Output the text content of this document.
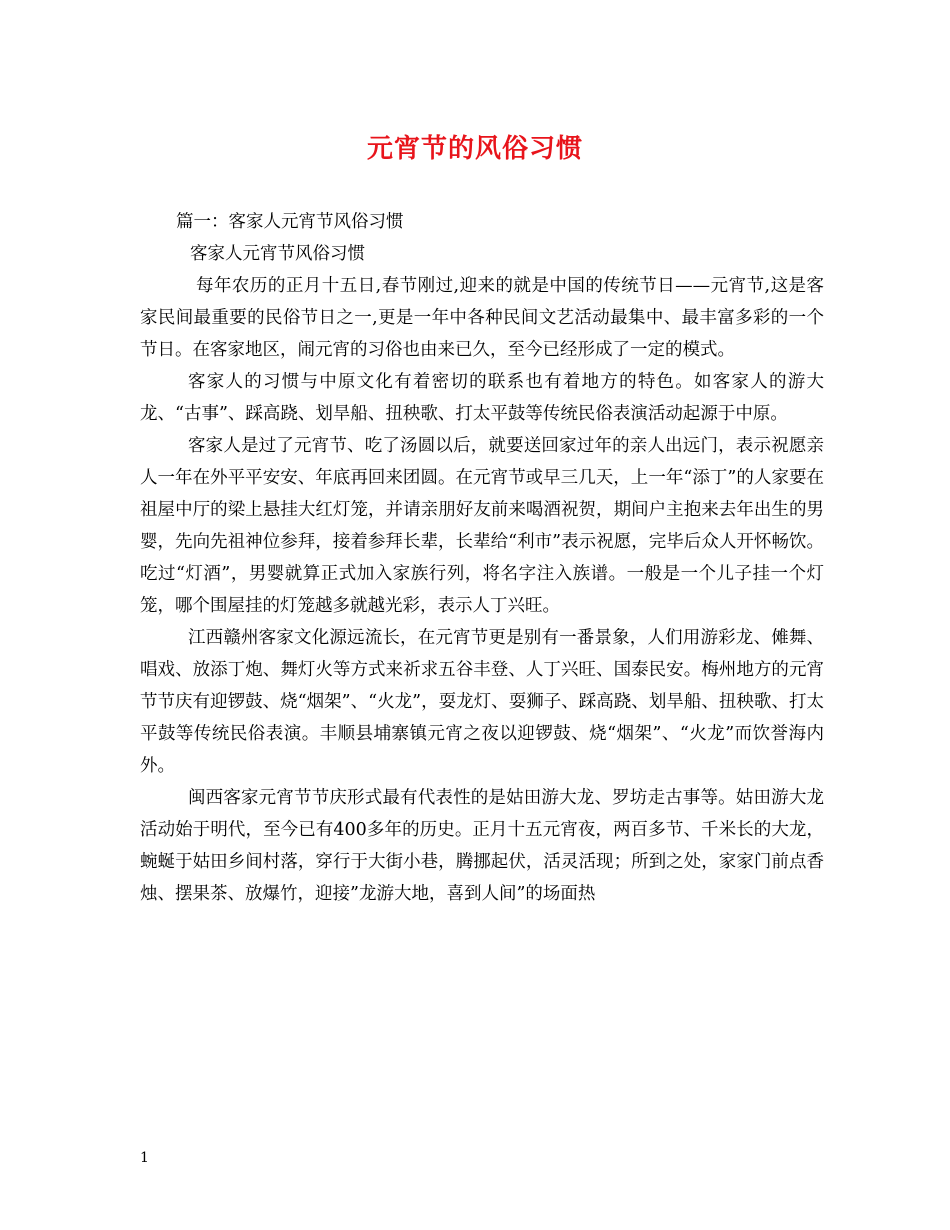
元宵节的风俗习惯

篇一：客家人元宵节风俗习惯

客家人元宵节风俗习惯

每年农历的正月十五日,春节刚过,迎来的就是中国的传统节日——元宵节,这是客家民间最重要的民俗节日之一,更是一年中各种民间文艺活动最集中、最丰富多彩的一个节日。在客家地区，闹元宵的习俗也由来已久，至今已经形成了一定的模式。

客家人的习惯与中原文化有着密切的联系也有着地方的特色。如客家人的游大龙、“古事”、踩高跷、划旱船、扭秧歌、打太平鼓等传统民俗表演活动起源于中原。

客家人是过了元宵节、吃了汤圆以后，就要送回家过年的亲人出远门，表示祝愿亲人一年在外平平安安、年底再回来团圆。在元宵节或早三几天，上一年“添丁”的人家要在祖屋中厅的梁上悬挂大红灯笼，并请亲朋好友前来喝酒祝贺，期间户主抱来去年出生的男婴，先向先祖神位参拜，接着参拜长辈，长辈给“利市”表示祝愿，完毕后众人开怀畅饮。吃过“灯酒”，男婴就算正式加入家族行列，将名字注入族谱。一般是一个儿子挂一个灯笼，哪个围屋挂的灯笼越多就越光彩，表示人丁兴旺。

江西赣州客家文化源远流长，在元宵节更是别有一番景象，人们用游彩龙、傩舞、唱戏、放添丁炮、舞灯火等方式来祈求五谷丰登、人丁兴旺、国泰民安。梅州地方的元宵节节庆有迎锣鼓、烧“烟架”、“火龙”，耍龙灯、耍狮子、踩高跷、划旱船、扭秧歌、打太平鼓等传统民俗表演。丰顺县埔寨镇元宵之夜以迎锣鼓、烧“烟架”、“火龙”而饮誉海内外。

闽西客家元宵节节庆形式最有代表性的是姑田游大龙、罗坊走古事等。姑田游大龙活动始于明代，至今已有400多年的历史。正月十五元宵夜，两百多节、千米长的大龙，蜿蜒于姑田乡间村落，穿行于大街小巷，腾挪起伏，活灵活现；所到之处，家家门前点香烛、摆果茶、放爆竹，迎接”龙游大地，喜到人间”的场面热

1
